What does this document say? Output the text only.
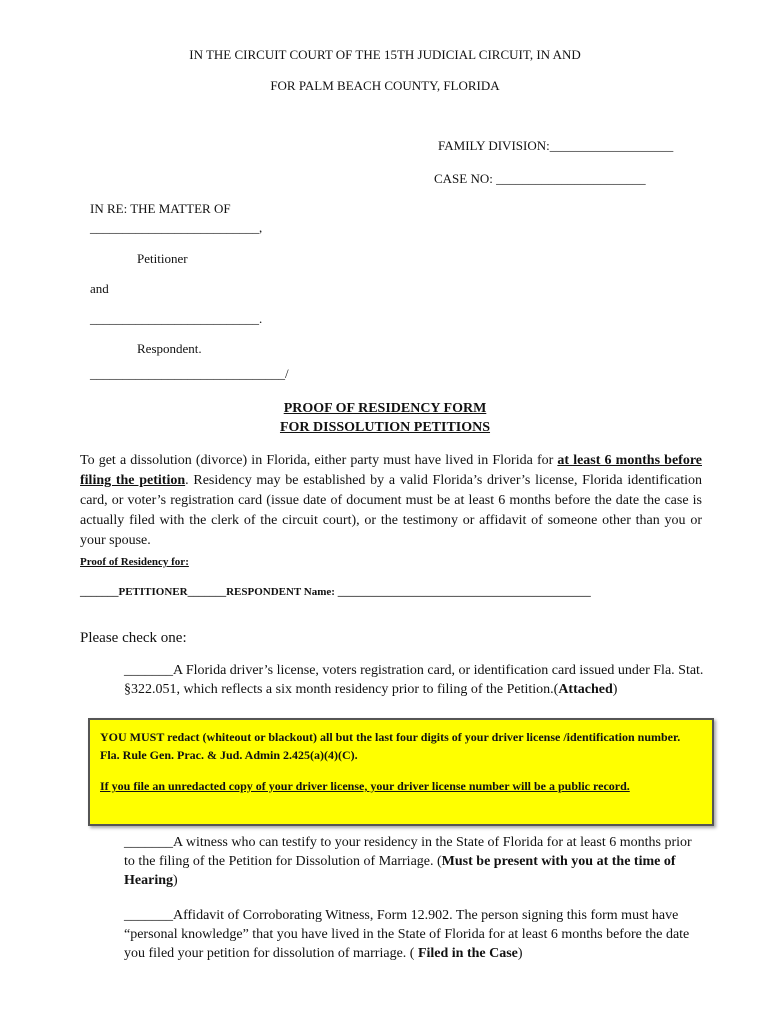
IN THE CIRCUIT COURT OF THE 15TH JUDICIAL CIRCUIT, IN AND
FOR PALM BEACH COUNTY, FLORIDA
FAMILY DIVISION:___________________
CASE NO: _______________________
IN RE: THE MATTER OF
__________________________,
Petitioner
and
__________________________.
Respondent.
______________________________/
PROOF OF RESIDENCY FORM
FOR DISSOLUTION PETITIONS
To get a dissolution (divorce) in Florida, either party must have lived in Florida for at least 6 months before filing the petition. Residency may be established by a valid Florida’s driver’s license, Florida identification card, or voter’s registration card (issue date of document must be at least 6 months before the date the case is actually filed with the clerk of the circuit court), or the testimony or affidavit of someone other than you or your spouse.
Proof of Residency for:
_______PETITIONER_______RESPONDENT Name: ______________________________________________
Please check one:
_______A Florida driver’s license, voters registration card, or identification card issued under Fla. Stat. §322.051, which reflects a six month residency prior to filing of the Petition.(Attached)

YOU MUST redact (whiteout or blackout) all but the last four digits of your driver license /identification number. Fla. Rule Gen. Prac. & Jud. Admin 2.425(a)(4)(C).

If you file an unredacted copy of your driver license, your driver license number will be a public record.

_______A witness who can testify to your residency in the State of Florida for at least 6 months prior to the filing of the Petition for Dissolution of Marriage. (Must be present with you at the time of Hearing)
_______Affidavit of Corroborating Witness, Form 12.902. The person signing this form must have “personal knowledge” that you have lived in the State of Florida for at least 6 months before the date you filed your petition for dissolution of marriage. ( Filed in the Case)
